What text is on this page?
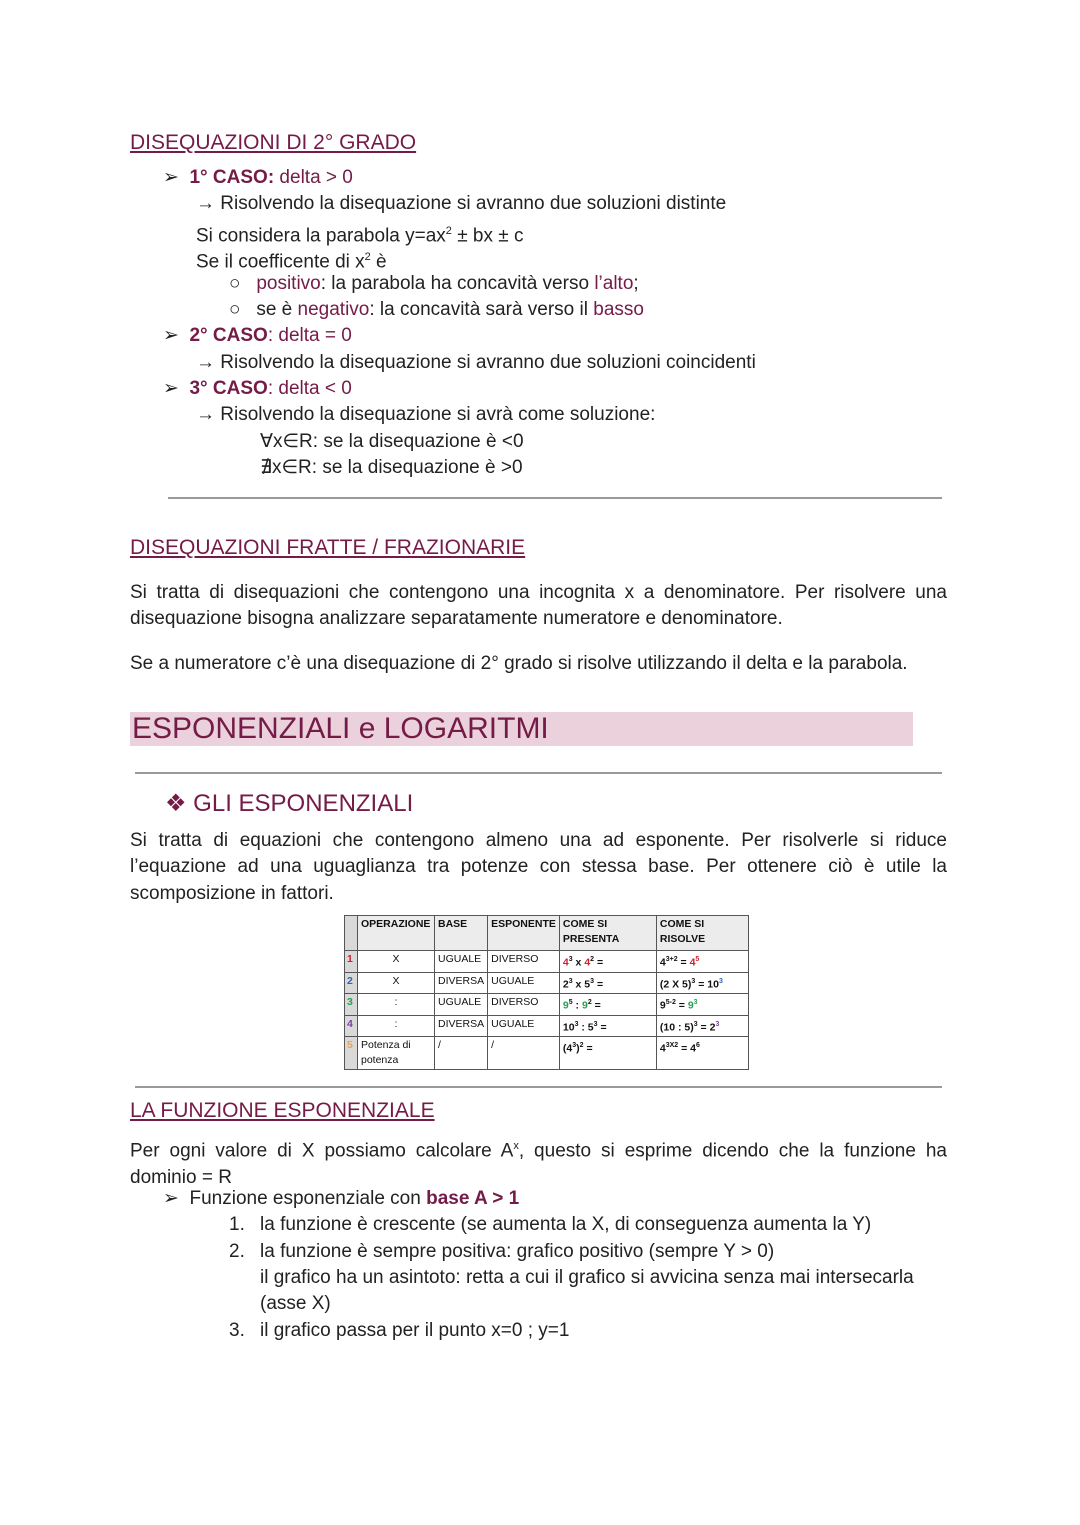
DISEQUAZIONI DI 2° GRADO
➢ 1° CASO: delta > 0
→ Risolvendo la disequazione si avranno due soluzioni distinte
Si considera la parabola $y=ax^2$ ± bx ± c
Se il coefficente di $x^2$ è
○ positivo: la parabola ha concavità verso l’alto;
○ se è negativo: la concavità sarà verso il basso
➢ 2° CASO: delta = 0
→ Risolvendo la disequazione si avranno due soluzioni coincidenti
➢ 3° CASO: delta < 0
→ Risolvendo la disequazione si avrà come soluzione:
∀x∈R: se la disequazione è <0
∄x∈R: se la disequazione è >0
DISEQUAZIONI FRATTE / FRAZIONARIE
Si tratta di disequazioni che contengono una incognita x a denominatore. Per risolvere una disequazione bisogna analizzare separatamente numeratore e denominatore.
Se a numeratore c’è una disequazione di 2° grado si risolve utilizzando il delta e la parabola.
ESPONENZIALI e LOGARITMI
❖ GLI ESPONENZIALI
Si tratta di equazioni che contengono almeno una ad esponente. Per risolverle si riduce l’equazione ad una uguaglianza tra potenze con stessa base. Per ottenere ciò è utile la scomposizione in fattori.
	OPERAZIONE	BASE	ESPONENTE	COME SI PRESENTA	COME SI RISOLVE
1	X	UGUALE	DIVERSO	$4^3$ x $4^2$ =	$4^{3+2} = 4^5$
2	X	DIVERSA	UGUALE	$2^3$ x $5^3$ =	(2 X $5)^3 = 10^3$
3	:	UGUALE	DIVERSO	$9^5$ : $9^2$ =	$9^{5-2} = 9^3$
4	:	DIVERSA	UGUALE	$10^3$ : $5^3$ =	(10 : $5)^3 = 2^3$
5	Potenza di potenza	/	/	$(4^3)^2$ =	$4^{3X2} = 4^6$
LA FUNZIONE ESPONENZIALE
Per ogni valore di X possiamo calcolare $A^x$, questo si esprime dicendo che la funzione ha dominio = R
➢ Funzione esponenziale con base A > 1
1. la funzione è crescente (se aumenta la X, di conseguenza aumenta la Y)
2. la funzione è sempre positiva: grafico positivo (sempre Y > 0)
il grafico ha un asintoto: retta a cui il grafico si avvicina senza mai intersecarla
(asse X)
3. il grafico passa per il punto x=0 ; y=1
